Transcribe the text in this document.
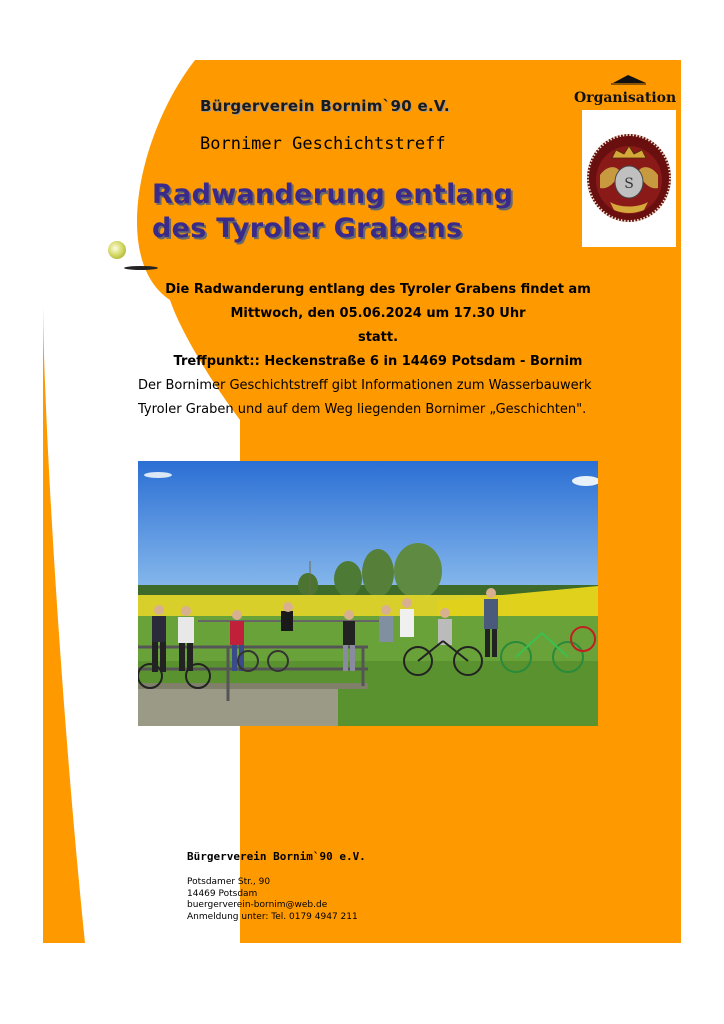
Bürgerverein Bornim`90 e.V.
Bornimer Geschichtstreff
Radwanderung entlang
des Tyroler Grabens
Organisation
S
Die Radwanderung entlang des Tyroler Grabens findet am
Mittwoch, den 05.06.2024 um 17.30 Uhr
statt.
Treffpunkt:: Heckenstraße 6 in 14469 Potsdam - Bornim
Der Bornimer Geschichtstreff gibt Informationen zum Wasserbauwerk
Tyroler Graben und auf dem Weg liegenden Bornimer „Geschichten".
Bürgerverein Bornim`90 e.V.
Potsdamer Str., 90
14469 Potsdam
buergerverein-bornim@web.de
Anmeldung unter: Tel. 0179 4947 211
